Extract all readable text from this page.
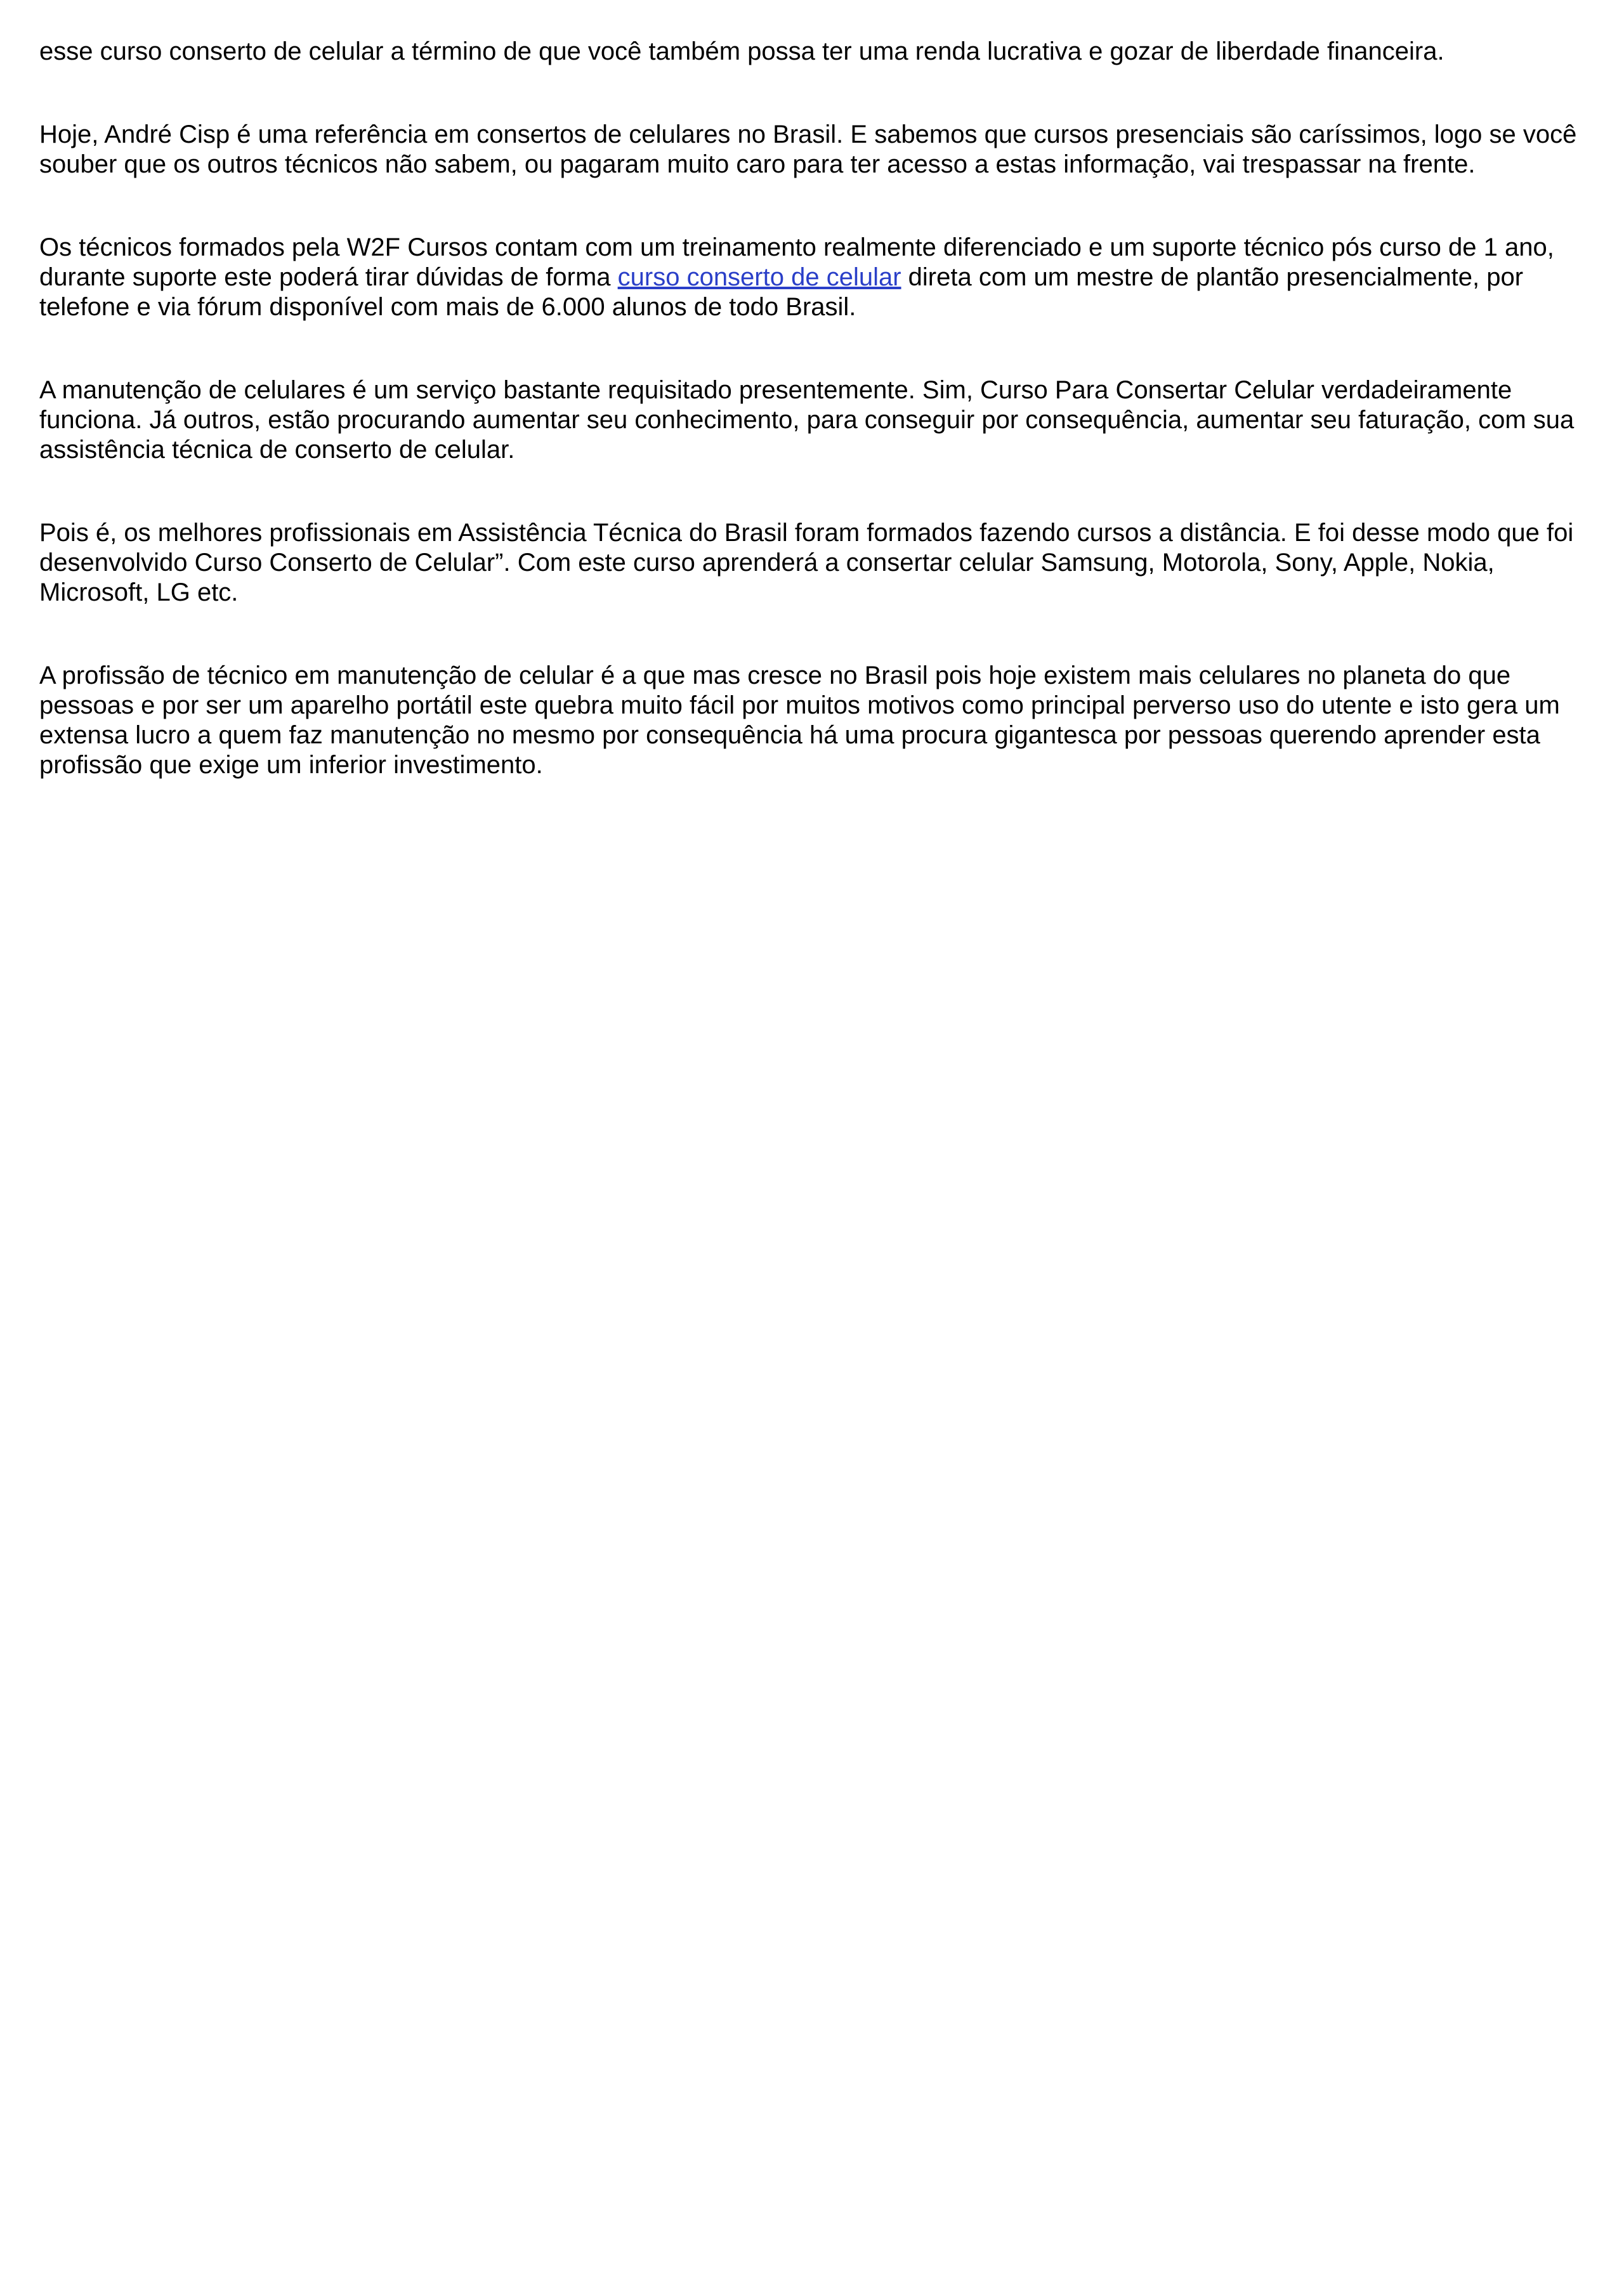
esse curso conserto de celular a término de que você também possa ter uma renda lucrativa e gozar de liberdade financeira.

Hoje, André Cisp é uma referência em consertos de celulares no Brasil. E sabemos que cursos presenciais são caríssimos, logo se você souber que os outros técnicos não sabem, ou pagaram muito caro para ter acesso a estas informação, vai trespassar na frente.

Os técnicos formados pela W2F Cursos contam com um treinamento realmente diferenciado e um suporte técnico pós curso de 1 ano, durante suporte este poderá tirar dúvidas de forma curso conserto de celular direta com um mestre de plantão presencialmente, por telefone e via fórum disponível com mais de 6.000 alunos de todo Brasil.

A manutenção de celulares é um serviço bastante requisitado presentemente. Sim, Curso Para Consertar Celular verdadeiramente funciona. Já outros, estão procurando aumentar seu conhecimento, para conseguir por consequência, aumentar seu faturação, com sua assistência técnica de conserto de celular.

Pois é, os melhores profissionais em Assistência Técnica do Brasil foram formados fazendo cursos a distância. E foi desse modo que foi desenvolvido Curso Conserto de Celular”. Com este curso aprenderá a consertar celular Samsung, Motorola, Sony, Apple, Nokia, Microsoft, LG etc.

A profissão de técnico em manutenção de celular é a que mas cresce no Brasil pois hoje existem mais celulares no planeta do que pessoas e por ser um aparelho portátil este quebra muito fácil por muitos motivos como principal perverso uso do utente e isto gera um extensa lucro a quem faz manutenção no mesmo por consequência há uma procura gigantesca por pessoas querendo aprender esta profissão que exige um inferior investimento.
